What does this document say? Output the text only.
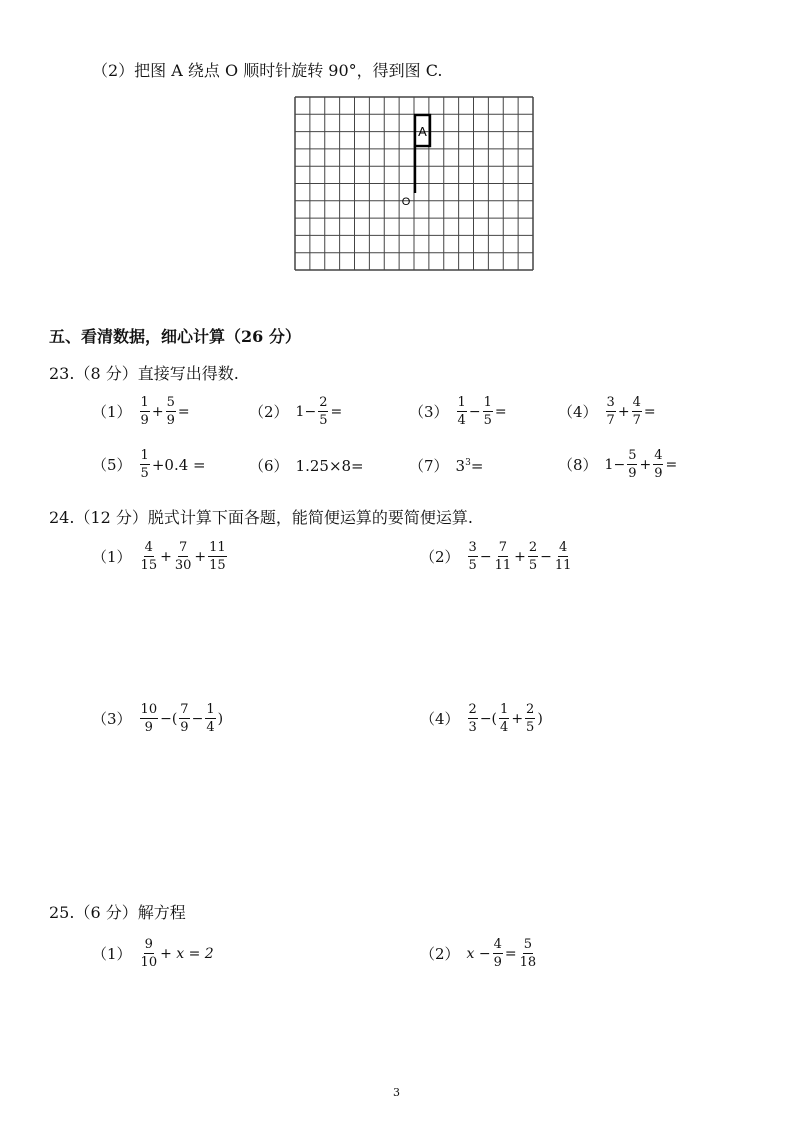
（2）把图 A 绕点 O 顺时针旋转 90°，得到图 C.
A
O
五、看清数据，细心计算（26 分）
23.（8 分）直接写出得数.
$(1) \frac{1}{9} + \frac{5}{9}$ =	（2） $1- \frac{2}{5}$ =	$(3) \frac{1}{4} - \frac{1}{5}$ =	$(4) \frac{3}{7} + \frac{4}{7}$ =
$(5) \frac{1}{5} +0.4$ =	（6） 1.25×8=	（7） $3^3=$	（8） $1- \frac{5}{9} + \frac{4}{9}$ =
24.（12 分）脱式计算下面各题，能简便运算的要简便运算.
$(1) \frac{4}{15} + \frac{7}{30} + \frac{11}{15}$	$(2) \frac{3}{5} - \frac{7}{11} + \frac{2}{5} - \frac{4}{11}$
$(3) \frac{10}{9}$ −( $\frac{7}{9} - \frac{1}{4}$ )	$(4) \frac{2}{3}$ −( $\frac{1}{4} + \frac{2}{5}$ )
25.（6 分）解方程
$(1) \frac{9}{10} + x = 2$	（2） $x - \frac{4}{9} = \frac{5}{18}$
3
